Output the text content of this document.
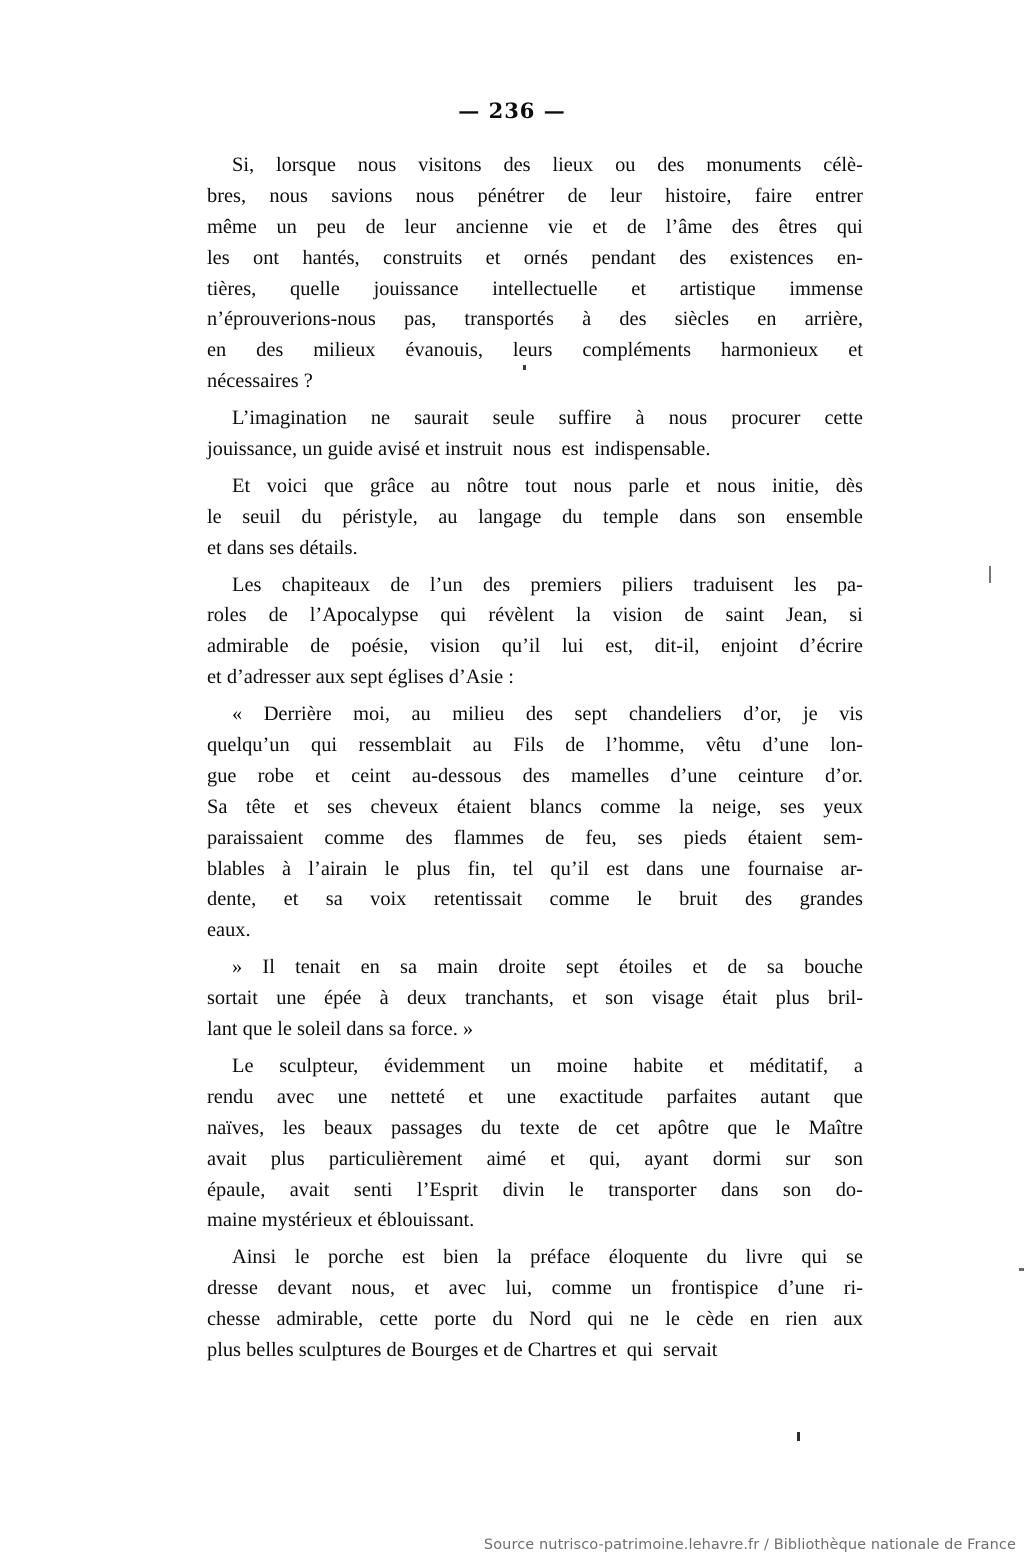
— 236 —
Si, lorsque nous visitons des lieux ou des monuments célè-
bres, nous savions nous pénétrer de leur histoire, faire entrer
même un peu de leur ancienne vie et de l’âme des êtres qui
les ont hantés, construits et ornés pendant des existences en-
tières, quelle jouissance intellectuelle et artistique immense
n’éprouverions-nous pas, transportés à des siècles en arrière,
en des milieux évanouis, leurs compléments harmonieux et
nécessaires ?
L’imagination ne saurait seule suffire à nous procurer cette
jouissance, un guide avisé et instruit  nous  est  indispensable.
Et voici que grâce au nôtre tout nous parle et nous initie, dès
le seuil du péristyle, au langage du temple dans son ensemble
et dans ses détails.
Les chapiteaux de l’un des premiers piliers traduisent les pa-
roles de l’Apocalypse qui révèlent la vision de saint Jean, si
admirable de poésie, vision qu’il lui est, dit-il, enjoint d’écrire
et d’adresser aux sept églises d’Asie :
« Derrière moi, au milieu des sept chandeliers d’or, je vis
quelqu’un qui ressemblait au Fils de l’homme, vêtu d’une lon-
gue robe et ceint au-dessous des mamelles d’une ceinture d’or.
Sa tête et ses cheveux étaient blancs comme la neige, ses yeux
paraissaient comme des flammes de feu, ses pieds étaient sem-
blables à l’airain le plus fin, tel qu’il est dans une fournaise ar-
dente, et sa voix retentissait comme le bruit des grandes
eaux.
» Il tenait en sa main droite sept étoiles et de sa bouche
sortait une épée à deux tranchants, et son visage était plus bril-
lant que le soleil dans sa force. »
Le sculpteur, évidemment un moine habite et méditatif, a
rendu avec une netteté et une exactitude parfaites autant que
naïves, les beaux passages du texte de cet apôtre que le Maître
avait plus particulièrement aimé et qui, ayant dormi sur son
épaule, avait senti l’Esprit divin le transporter dans son do-
maine mystérieux et éblouissant.
Ainsi le porche est bien la préface éloquente du livre qui se
dresse devant nous, et avec lui, comme un frontispice d’une ri-
chesse admirable, cette porte du Nord qui ne le cède en rien aux
plus belles sculptures de Bourges et de Chartres et  qui  servait
Source nutrisco-patrimoine.lehavre.fr / Bibliothèque nationale de France
